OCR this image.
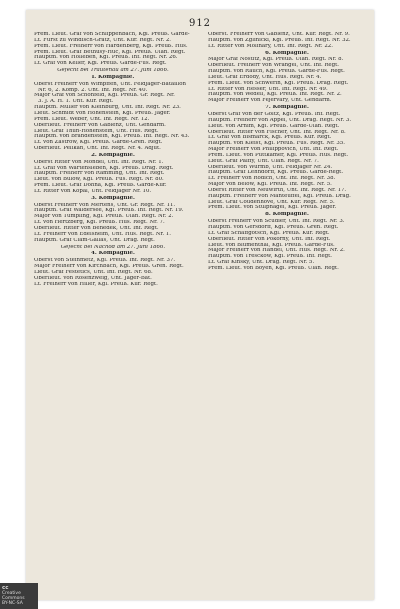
912
Prem. Lieut. Graf von Schlippenbach, Kgl. Preuß. Garde-
Lt. Fürst zu Windisch-Grätz, Unt. Kür. Regt. Nr. 2.
Prem. Lieut. Freiherr von Hardenberg, Kgl. Preuß. Hus.
Prem. Lieut. Graf Bethusy-Huc, Kgl. Preuß. Ulan. Regt.
Hauptm. von Holleben, Kgl. Preuß. Inf. Regt. Nr. 26.
Lt. Graf von Keller, Kgl. Preuß. Garde-Füs. Regt.
Gefecht bei Trautenau am 27. Juni 1866.
I. Kompagnie.
Oberst Freiherr von Wimpffen, Unt. Feldjäger-Bataillon
Nr. 6, 2. Komp. 2. Unt. Inf. Regt. Nr. 40.
Major Graf von Schönfeld, Kgl. Preuß. Gr. Regt. Nr.
3. J. A. H. 1. Unt. Kür. Regt.
Hauptm. Müller von Kleinburg, Unt. Inf. Regt. Nr. 23.
Lieut. Schmidt von Hohenstein, Kgl. Preuß. Jäger.
Prem. Lieut. Weber, Unt. Inf. Regt. Nr. 12.
Oberlieut. Freiherr von Gablenz, Unt. Gendarm.
Lieut. Graf Thun-Hohenstein, Unt. Hus. Regt.
Hauptm. von Brandenstein, Kgl. Preuß. Inf. Regt. Nr. 43.
Lt. von Zastrow, Kgl. Preuß. Garde-Gren. Regt.
Oberlieut. Pelikan, Unt. Inf. Regt. Nr. 4. Adjut.
2. Kompagnie.
Oberst Ritter von Mondel, Unt. Inf. Regt. Nr. 1.
Lt. Graf von Wartensleben, Kgl. Preuß. Drag. Regt.
Hauptm. Freiherr von Ramming, Unt. Inf. Regt.
Lieut. von Bülow, Kgl. Preuß. Füs. Regt. Nr. 80.
Prem. Lieut. Graf Dohna, Kgl. Preuß. Garde-Kür.
Lt. Ritter von Kopal, Unt. Feldjäger Nr. 10.
3. Kompagnie.
Oberst Freiherr von Mertens, Unt. Gr. Regt. Nr. 11.
Hauptm. Graf Waldersee, Kgl. Preuß. Inf. Regt. Nr. 19.
Major von Tümpling, Kgl. Preuß. Ulan. Regt. Nr. 2.
Lt. von Hertzberg, Kgl. Preuß. Hus. Regt. Nr. 7.
Oberlieut. Ritter von Benedek, Unt. Inf. Regt.
Lt. Freiherr von Edelsheim, Unt. Hus. Regt. Nr. 1.
Hauptm. Graf Clam-Gallas, Unt. Drag. Regt.
Gefecht bei Nachod am 27. Juni 1866.
4. Kompagnie.
Oberst von Steinmetz, Kgl. Preuß. Inf. Regt. Nr. 37.
Major Freiherr von Kirchbach, Kgl. Preuß. Gren. Regt.
Lieut. Graf Festetics, Unt. Inf. Regt. Nr. 68.
Oberlieut. von Rosenzweig, Unt. Jäger-Bat.
Lt. Freiherr von Hiller, Kgl. Preuß. Kür. Regt.
Oberst. Freiherr von Gablenz, Unt. Kür. Regt. Nr. 9.
Hauptm. von Zglinicki, Kgl. Preuß. Inf. Regt. Nr. 32.
Lt. Ritter von Molinary, Unt. Inf. Regt. Nr. 22.
6. Kompagnie.
Major Graf Nostitz, Kgl. Preuß. Ulan. Regt. Nr. 8.
Oberlieut. Freiherr von Wrangel, Unt. Inf. Regt.
Hauptm. von Rauch, Kgl. Preuß. Garde-Füs. Regt.
Lieut. Graf Erdödy, Unt. Hus. Regt. Nr. 4.
Prem. Lieut. von Schwerin, Kgl. Preuß. Drag. Regt.
Lt. Ritter von Hesser, Unt. Inf. Regt. Nr. 49.
Hauptm. von Wedell, Kgl. Preuß. Inf. Regt. Nr. 2.
Major Freiherr von Fejérváry, Unt. Gendarm.
7. Kompagnie.
Oberst Graf von der Goltz, Kgl. Preuß. Inf. Regt.
Hauptm. Freiherr von Appel, Unt. Drag. Regt. Nr. 3.
Lieut. von Arnim, Kgl. Preuß. Garde-Ulan. Regt.
Oberlieut. Ritter von Fischer, Unt. Inf. Regt. Nr. 8.
Lt. Graf von Bismarck, Kgl. Preuß. Kür. Regt.
Hauptm. von Kleist, Kgl. Preuß. Füs. Regt. Nr. 35.
Major Freiherr von Philippovich, Unt. Inf. Regt.
Prem. Lieut. von Puttkamer, Kgl. Preuß. Hus. Regt.
Lieut. Graf Pálffy, Unt. Ulan. Regt. Nr. 7.
Oberlieut. von Wurmb, Unt. Feldjäger Nr. 24.
Hauptm. Graf Lehndorff, Kgl. Preuß. Garde-Regt.
Lt. Freiherr von Rodich, Unt. Inf. Regt. Nr. 38.
Major von Below, Kgl. Preuß. Inf. Regt. Nr. 5.
Oberst Ritter von Neuwirth, Unt. Inf. Regt. Nr. 17.
Hauptm. Freiherr von Manteuffel, Kgl. Preuß. Drag.
Lieut. Graf Coudenhove, Unt. Kür. Regt. Nr. 5.
Prem. Lieut. von Stülpnagel, Kgl. Preuß. Jäger.
8. Kompagnie.
Oberst Freiherr von Scudier, Unt. Inf. Regt. Nr. 3.
Hauptm. von Gersdorff, Kgl. Preuß. Gren. Regt.
Lt. Graf Schaffgotsch, Kgl. Preuß. Kür. Regt.
Oberlieut. Ritter von Pokorny, Unt. Inf. Regt.
Lieut. von Blumenthal, Kgl. Preuß. Garde-Füs.
Major Freiherr von Handel, Unt. Hus. Regt. Nr. 2.
Hauptm. von Tresckow, Kgl. Preuß. Inf. Regt.
Lt. Graf Kinsky, Unt. Drag. Regt. Nr. 5.
Prem. Lieut. von Boyen, Kgl. Preuß. Ulan. Regt.
cc
Creative
Commons
BY-NC-SA
